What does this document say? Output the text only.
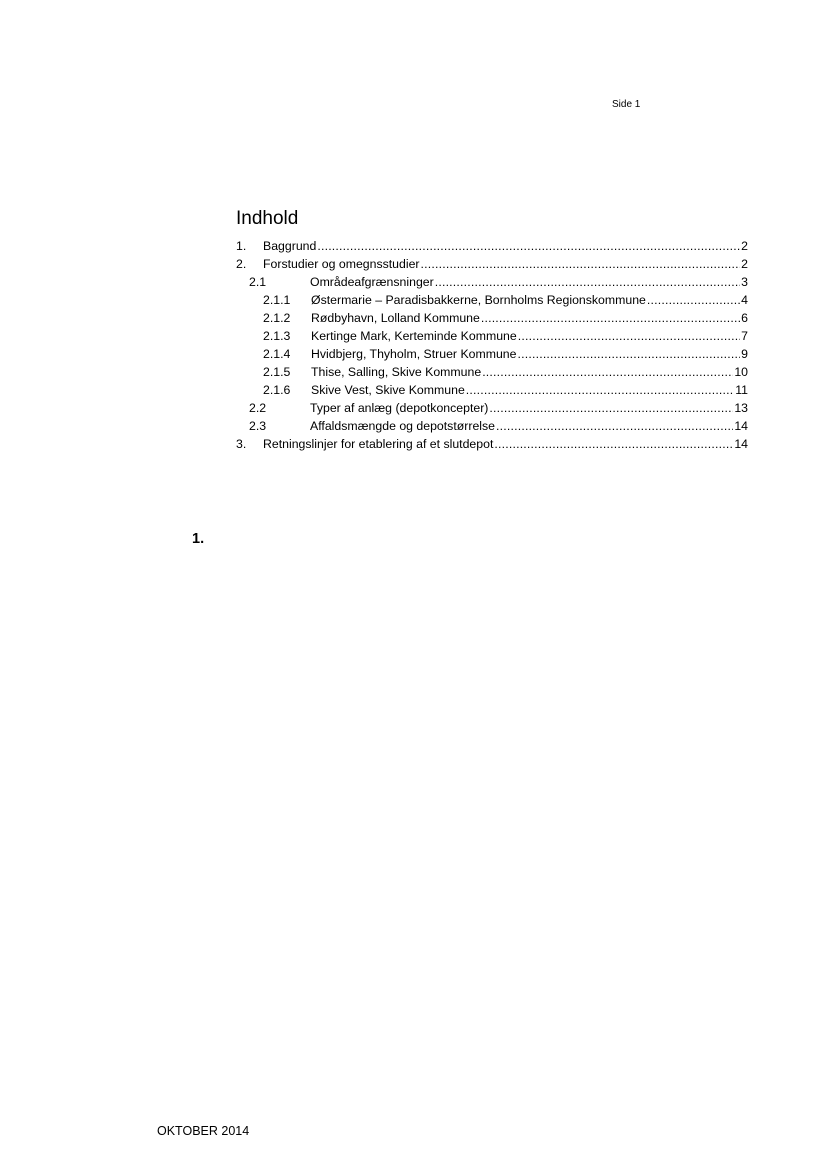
Side 1
Indhold
1.	Baggrund .....	2
2.	Forstudier og omegnsstudier .....	2
2.1	Områdeafgrænsninger .....	3
2.1.1	Østermarie – Paradisbakkerne, Bornholms Regionskommune .....	4
2.1.2	Rødbyhavn, Lolland Kommune .....	6
2.1.3	Kertinge Mark, Kerteminde Kommune .....	7
2.1.4	Hvidbjerg, Thyholm, Struer Kommune .....	9
2.1.5	Thise, Salling, Skive Kommune .....	10
2.1.6	Skive Vest, Skive Kommune .....	11
2.2	Typer af anlæg (depotkoncepter) .....	13
2.3	Affaldsmængde og depotstørrelse .....	14
3.	Retningslinjer for etablering af et slutdepot .....	14
1.
OKTOBER 2014
